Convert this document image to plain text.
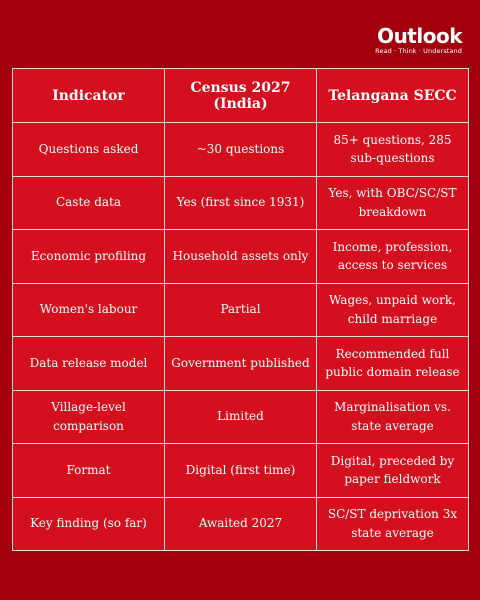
Outlook
Read · Think · Understand
Indicator	Census 2027 (India)	Telangana SECC
Questions asked	~30 questions	85+ questions, 285 sub-questions
Caste data	Yes (first since 1931)	Yes, with OBC/SC/ST breakdown
Economic profiling	Household assets only	Income, profession, access to services
Women's labour	Partial	Wages, unpaid work, child marriage
Data release model	Government published	Recommended full public domain release
Village-level comparison	Limited	Marginalisation vs. state average
Format	Digital (first time)	Digital, preceded by paper fieldwork
Key finding (so far)	Awaited 2027	SC/ST deprivation 3x state average
